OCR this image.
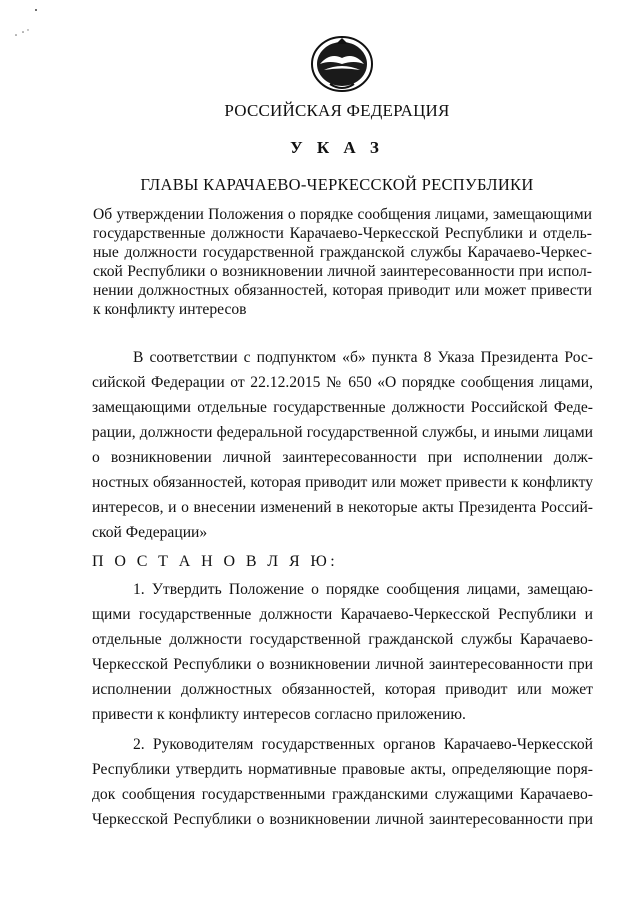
РОССИЙСКАЯ ФЕДЕРАЦИЯ
У К А З
ГЛАВЫ КАРАЧАЕВО-ЧЕРКЕССКОЙ РЕСПУБЛИКИ
Об утверждении Положения о порядке сообщения лицами, замещающими
государственные должности Карачаево-Черкесской Республики и отдель-
ные должности государственной гражданской службы Карачаево-Черкес-
ской Республики о возникновении личной заинтересованности при испол-
нении должностных обязанностей, которая приводит или может привести
к конфликту интересов
В соответствии с подпунктом «б» пункта 8 Указа Президента Рос-
сийской Федерации от 22.12.2015 № 650 «О порядке сообщения лицами,
замещающими отдельные государственные должности Российской Феде-
рации, должности федеральной государственной службы, и иными лицами
о возникновении личной заинтересованности при исполнении долж-
ностных обязанностей, которая приводит или может привести к конфликту
интересов, и о внесении изменений в некоторые акты Президента Россий-
ской Федерации»
П О С Т А Н О В Л Я Ю:
1. Утвердить Положение о порядке сообщения лицами, замещаю-
щими государственные должности Карачаево-Черкесской Республики и
отдельные должности государственной гражданской службы Карачаево-
Черкесской Республики о возникновении личной заинтересованности при
исполнении должностных обязанностей, которая приводит или может
привести к конфликту интересов согласно приложению.
2. Руководителям государственных органов Карачаево-Черкесской
Республики утвердить нормативные правовые акты, определяющие поря-
док сообщения государственными гражданскими служащими Карачаево-
Черкесской Республики о возникновении личной заинтересованности при
